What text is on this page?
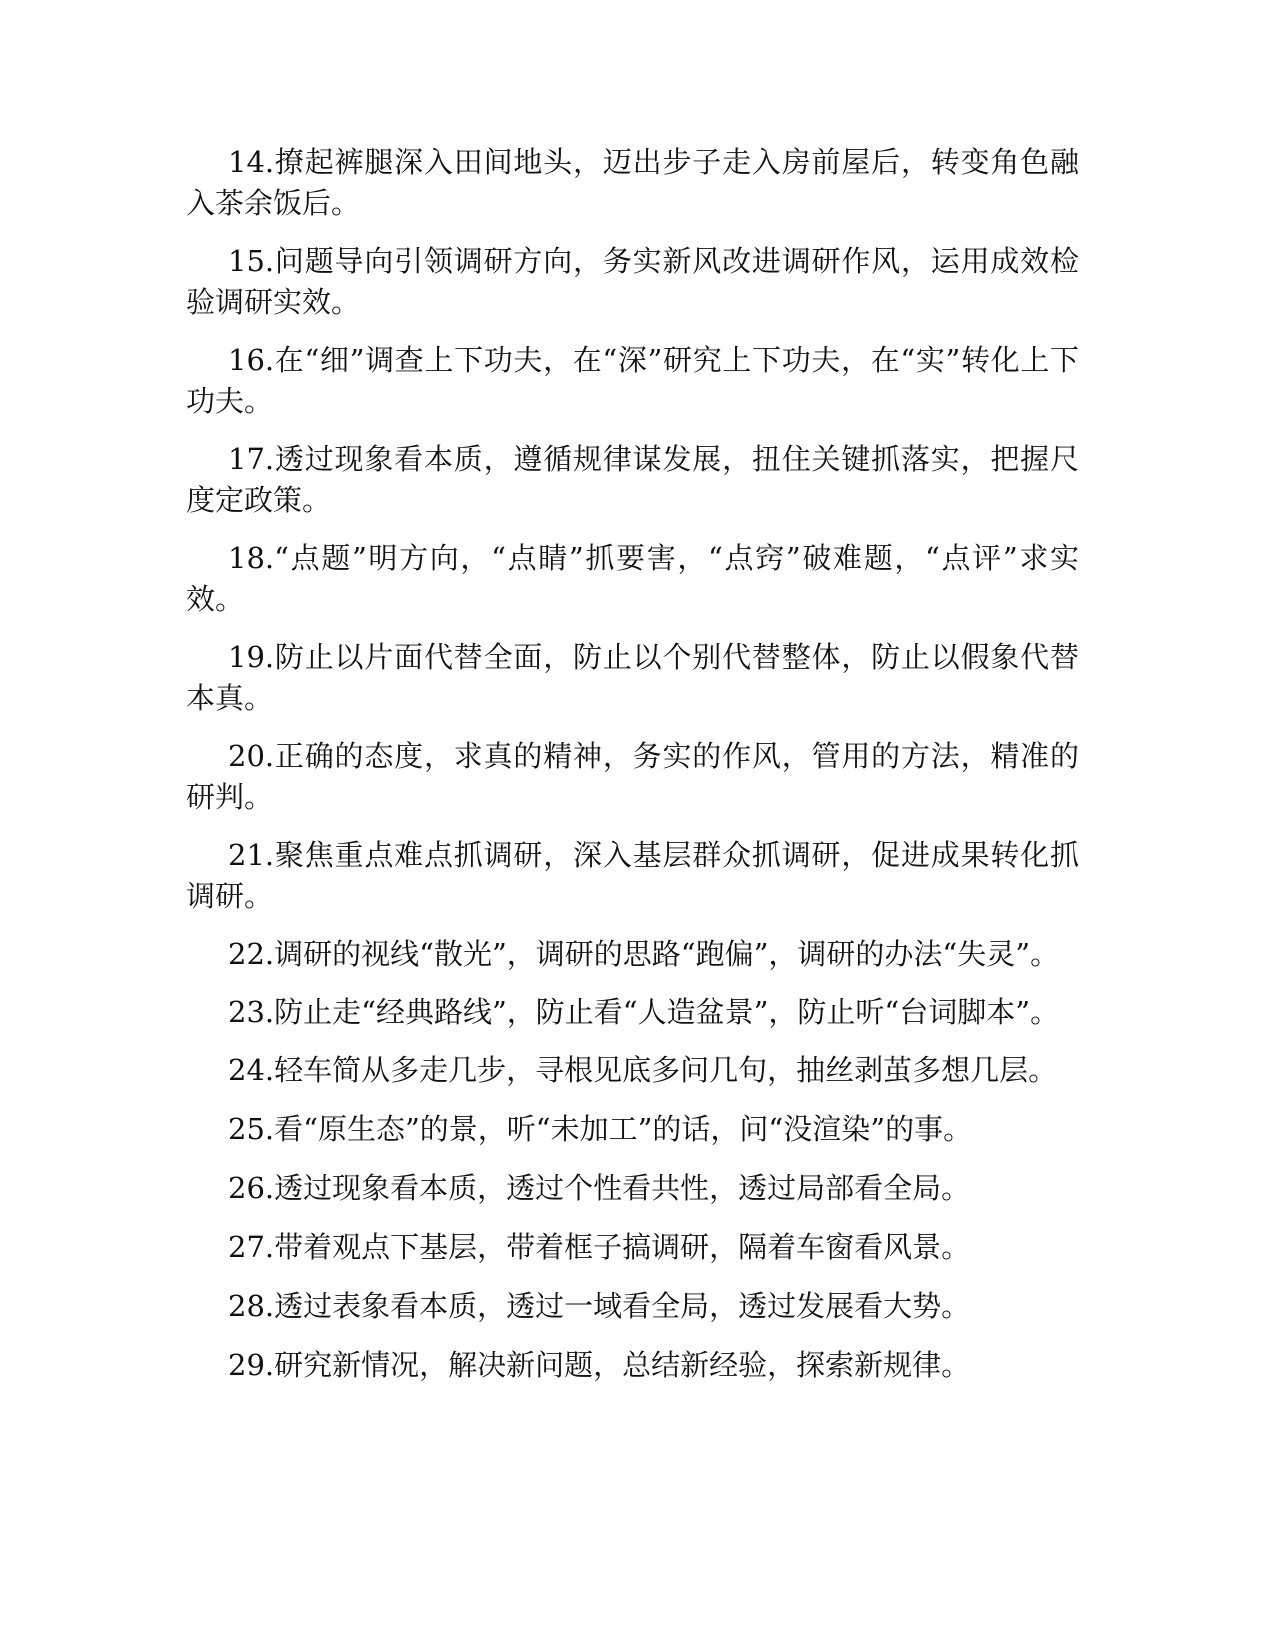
14.撩起裤腿深入田间地头，迈出步子走入房前屋后，转变角色融入茶余饭后。

15.问题导向引领调研方向，务实新风改进调研作风，运用成效检验调研实效。

16.在“细”调查上下功夫，在“深”研究上下功夫，在“实”转化上下功夫。

17.透过现象看本质，遵循规律谋发展，扭住关键抓落实，把握尺度定政策。

18.“点题”明方向，“点睛”抓要害，“点窍”破难题，“点评”求实效。

19.防止以片面代替全面，防止以个别代替整体，防止以假象代替本真。

20.正确的态度，求真的精神，务实的作风，管用的方法，精准的研判。

21.聚焦重点难点抓调研，深入基层群众抓调研，促进成果转化抓调研。

22.调研的视线“散光”，调研的思路“跑偏”，调研的办法“失灵”。

23.防止走“经典路线”，防止看“人造盆景”，防止听“台词脚本”。

24.轻车简从多走几步，寻根见底多问几句，抽丝剥茧多想几层。

25.看“原生态”的景，听“未加工”的话，问“没渲染”的事。

26.透过现象看本质，透过个性看共性，透过局部看全局。

27.带着观点下基层，带着框子搞调研，隔着车窗看风景。

28.透过表象看本质，透过一域看全局，透过发展看大势。

29.研究新情况，解决新问题，总结新经验，探索新规律。
